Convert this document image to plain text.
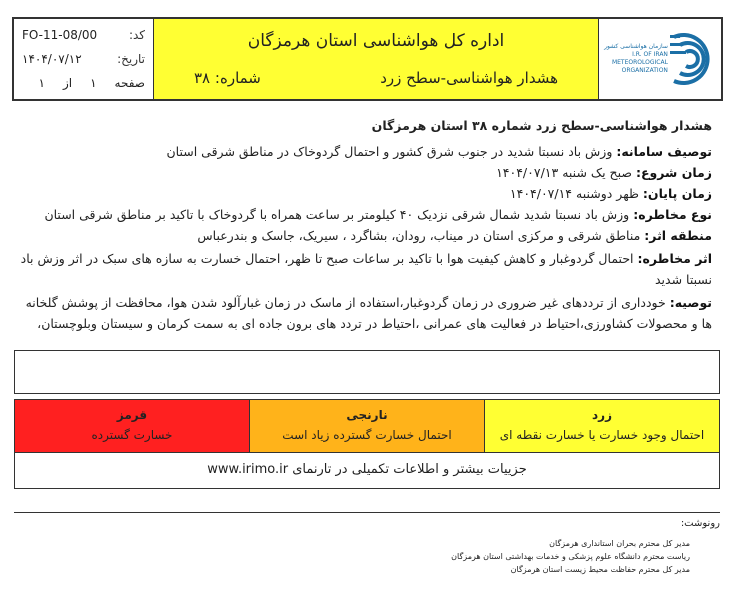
کد:
FO-11-08/00
تاریخ:
۱۴۰۴/۰۷/۱۲
صفحه
۱
از
۱
اداره کل هواشناسی استان هرمزگان
هشدار هواشناسی-سطح زرد
شماره: ۳۸
سازمان هواشناسی کشور
I.R. OF IRAN
METEOROLOGICAL
ORGANIZATION
هشدار هواشناسی-سطح زرد شماره ۳۸ استان هرمزگان
توصیف سامانه: وزش باد نسبتا شدید در جنوب شرق کشور و احتمال گردوخاک در مناطق شرقی استان
زمان شروع: صبح یک شنبه ۱۴۰۴/۰۷/۱۳
زمان پایان: ظهر دوشنبه ۱۴۰۴/۰۷/۱۴
نوع مخاطره: وزش باد نسبتا شدید شمال شرقی نزدیک ۴۰ کیلومتر بر ساعت همراه با گردوخاک با تاکید بر مناطق شرقی استان
منطقه اثر: مناطق شرقی و مرکزی استان در میناب، رودان، بشاگرد ، سیریک، جاسک و بندرعباس
اثر مخاطره: احتمال گردوغبار و کاهش کیفیت هوا با تاکید بر ساعات صبح تا ظهر، احتمال خسارت به سازه های سبک در اثر وزش باد نسبتا شدید
توصیه: خودداری از ترددهای غیر ضروری در زمان گردوغبار،استفاده از ماسک در زمان غبارآلود شدن هوا، محافظت از پوشش گلخانه ها و محصولات کشاورزی،احتیاط در فعالیت های عمرانی ،احتیاط در تردد های برون جاده ای به سمت کرمان و سیستان وبلوچستان،
زرد
احتمال وجود خسارت یا خسارت نقطه ای
نارنجی
احتمال خسارت گسترده زیاد است
قرمز
خسارت گسترده
جزییات بیشتر و اطلاعات تکمیلی در تارنمای www.irimo.ir
رونوشت:
مدیر کل محترم بحران استانداری هرمزگان
ریاست محترم دانشگاه علوم پزشکی و خدمات بهداشتی استان هرمزگان
مدیر کل محترم حفاظت محیط زیست استان هرمزگان
